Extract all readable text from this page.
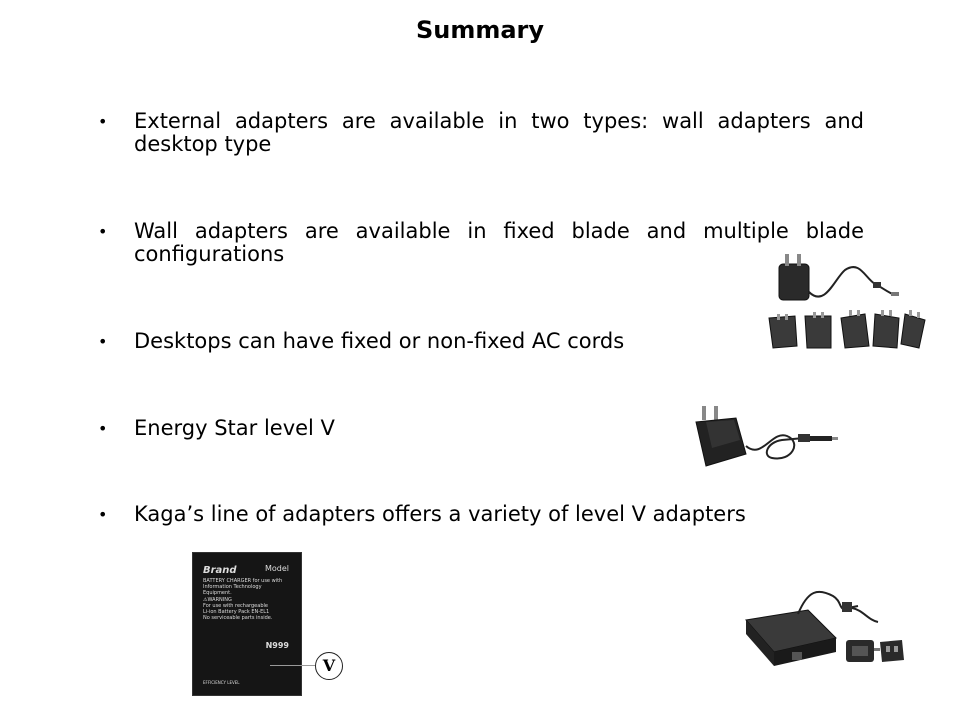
Summary
• External adapters are available in two types: wall adapters and desktop type
• Wall adapters are available in fixed blade and multiple blade configurations
• Desktops can have fixed or non-fixed AC cords
• Energy Star level V
• Kaga’s line of adapters offers a variety of level V adapters
Brand	Model
BATTERY CHARGER for use with
Information Technology Equipment.
⚠WARNING
For use with rechargeable
Li-ion Battery Pack EN-EL1
No serviceable parts inside.
N999
EFFICIENCY LEVEL
V
